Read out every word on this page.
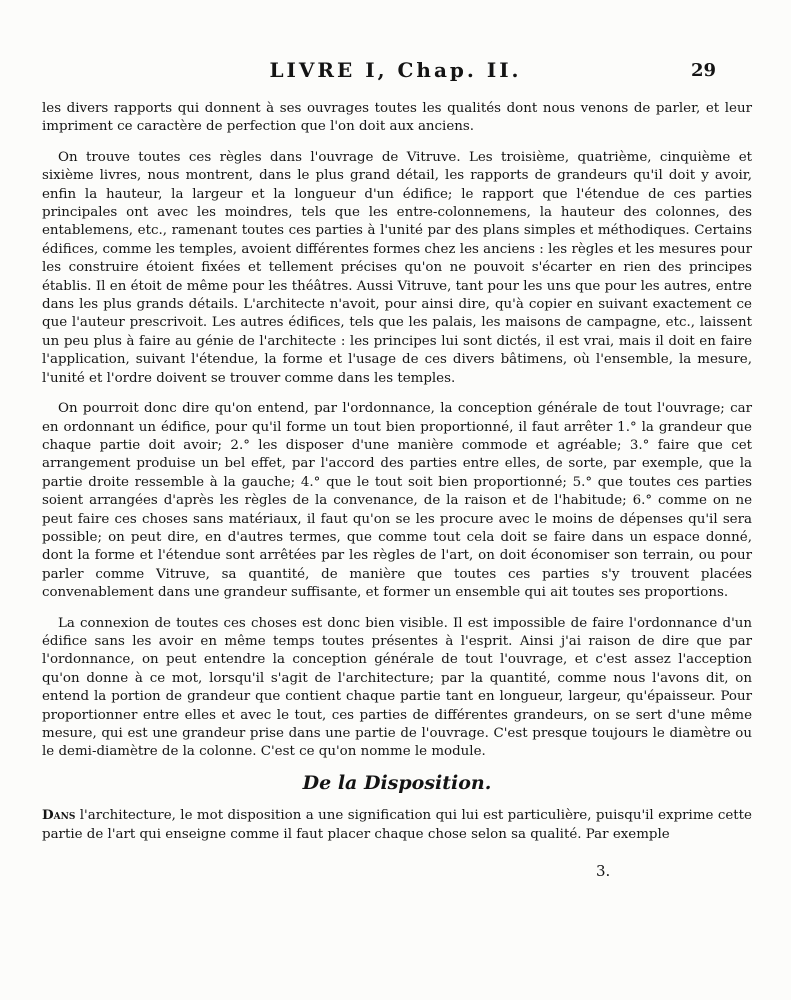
LIVRE I, Chap. II.	29

les divers rapports qui donnent à ses ouvrages toutes les qualités dont nous venons de parler, et leur impriment ce caractère de perfection que l'on doit aux anciens.

On trouve toutes ces règles dans l'ouvrage de Vitruve. Les troisième, quatrième, cinquième et sixième livres, nous montrent, dans le plus grand détail, les rapports de grandeurs qu'il doit y avoir, enfin la hauteur, la largeur et la longueur d'un édifice; le rapport que l'étendue de ces parties principales ont avec les moindres, tels que les entre-colonnemens, la hauteur des colonnes, des entablemens, etc., ramenant toutes ces parties à l'unité par des plans simples et méthodiques. Certains édifices, comme les temples, avoient différentes formes chez les anciens : les règles et les mesures pour les construire étoient fixées et tellement précises qu'on ne pouvoit s'écarter en rien des principes établis. Il en étoit de même pour les théâtres. Aussi Vitruve, tant pour les uns que pour les autres, entre dans les plus grands détails. L'architecte n'avoit, pour ainsi dire, qu'à copier en suivant exactement ce que l'auteur prescrivoit. Les autres édifices, tels que les palais, les maisons de campagne, etc., laissent un peu plus à faire au génie de l'architecte : les principes lui sont dictés, il est vrai, mais il doit en faire l'application, suivant l'étendue, la forme et l'usage de ces divers bâtimens, où l'ensemble, la mesure, l'unité et l'ordre doivent se trouver comme dans les temples.

On pourroit donc dire qu'on entend, par l'ordonnance, la conception générale de tout l'ouvrage; car en ordonnant un édifice, pour qu'il forme un tout bien proportionné, il faut arrêter 1.° la grandeur que chaque partie doit avoir; 2.° les disposer d'une manière commode et agréable; 3.° faire que cet arrangement produise un bel effet, par l'accord des parties entre elles, de sorte, par exemple, que la partie droite ressemble à la gauche; 4.° que le tout soit bien proportionné; 5.° que toutes ces parties soient arrangées d'après les règles de la convenance, de la raison et de l'habitude; 6.° comme on ne peut faire ces choses sans matériaux, il faut qu'on se les procure avec le moins de dépenses qu'il sera possible; on peut dire, en d'autres termes, que comme tout cela doit se faire dans un espace donné, dont la forme et l'étendue sont arrêtées par les règles de l'art, on doit économiser son terrain, ou pour parler comme Vitruve, sa quantité, de manière que toutes ces parties s'y trouvent placées convenablement dans une grandeur suffisante, et former un ensemble qui ait toutes ses proportions.

La connexion de toutes ces choses est donc bien visible. Il est impossible de faire l'ordonnance d'un édifice sans les avoir en même temps toutes présentes à l'esprit. Ainsi j'ai raison de dire que par l'ordonnance, on peut entendre la conception générale de tout l'ouvrage, et c'est assez l'acception qu'on donne à ce mot, lorsqu'il s'agit de l'architecture; par la quantité, comme nous l'avons dit, on entend la portion de grandeur que contient chaque partie tant en longueur, largeur, qu'épaisseur. Pour proportionner entre elles et avec le tout, ces parties de différentes grandeurs, on se sert d'une même mesure, qui est une grandeur prise dans une partie de l'ouvrage. C'est presque toujours le diamètre ou le demi-diamètre de la colonne. C'est ce qu'on nomme le module.

De la Disposition.

Dans l'architecture, le mot disposition a une signification qui lui est particulière, puisqu'il exprime cette partie de l'art qui enseigne comme il faut placer chaque chose selon sa qualité. Par exemple

3.
